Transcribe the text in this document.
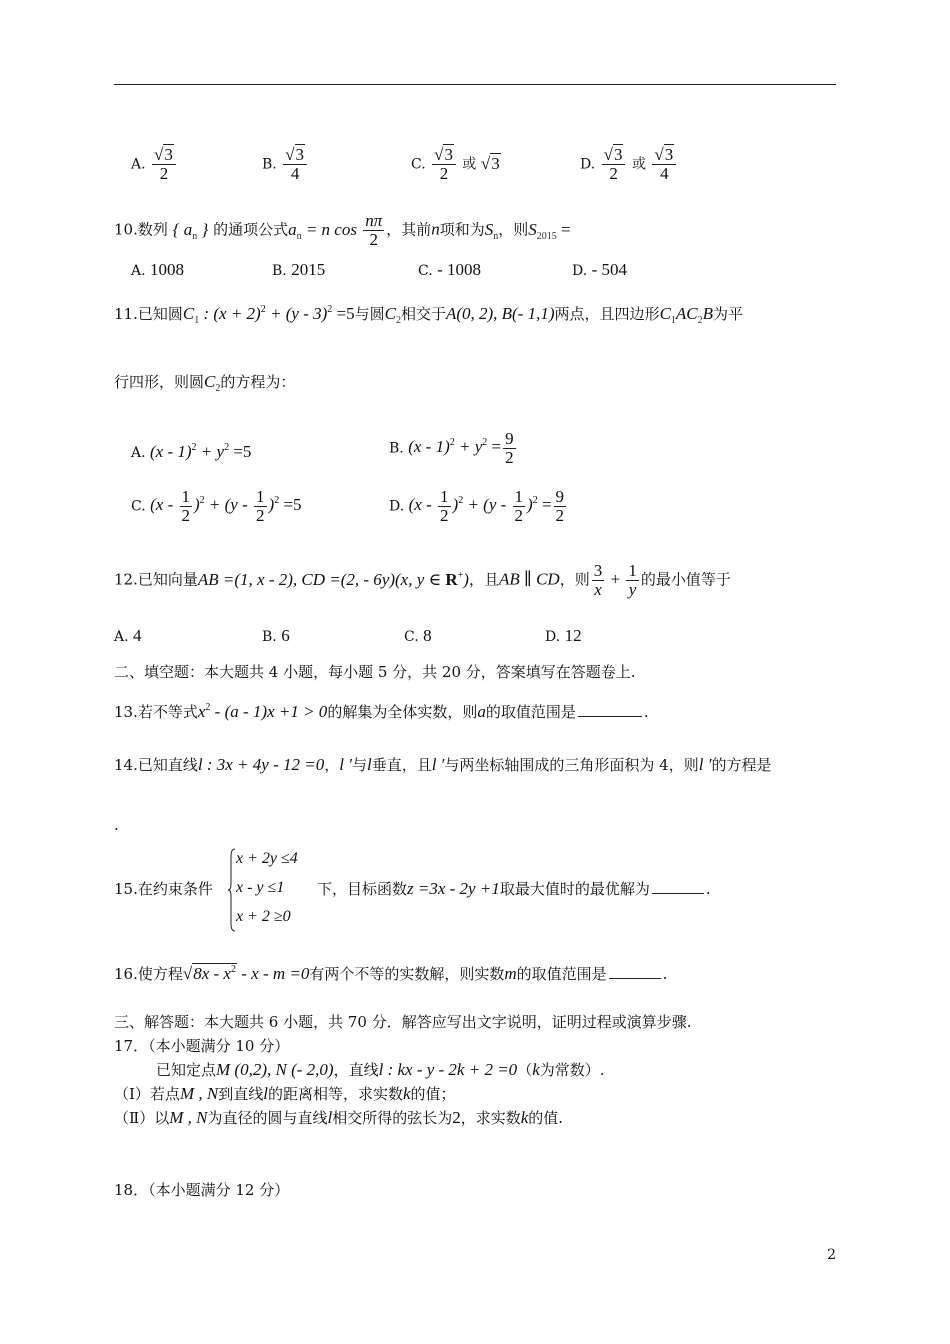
A. $\frac{√3}{2}$	B. $\frac{√3}{4}$	C. $\frac{√3}{2}$ 或 √3	D. $\frac{√3}{2}$ 或 $\frac{√3}{4}$
10.数列 { $a_n$ } 的通项公式$a_n = n$ $\cos \frac{n\pi}{2}$ ，其前n项和为$S_n$，则$S_{2015}$ =
A. 1008	B. 2015	C. - 1008	D. - 504
11.已知圆$C_1$ : $(x + 2)^2 + (y - 3)^2 =5$与圆$C_2$相交于A(0, 2), B(- 1,1)两点，且四边形$C_1AC_2B$为平
行四形，则圆$C_2$的方程为：
A. $(x - 1)^2 + y^2 =5$	B. $(x - 1)^2 + y^2 = \frac{9}{2}$
C. $(x - \frac{1}{2} )^2 + (y - \frac{1}{2} )^2 =5$	D. $(x - \frac{1}{2} )^2 + (y - \frac{1}{2} )^2 = \frac{9}{2}$
12.已知向量AB =(1, x - 2), CD =(2, - 6y)(x, y ∈ R+)，且AB ∥ CD，则 $\frac{3}{x} + \frac{1}{y}$ 的最小值等于
A. 4	B. 6	C. 8	D. 12
二、填空题：本大题共 4 小题，每小题 5 分，共 20 分，答案填写在答题卷上.
13.若不等式$x^2 - (a - 1)x +1 > 0$的解集为全体实数，则a的取值范围是	.
14.已知直线l : 3x + 4y - 12 =0，l ′与l垂直，且l ′与两坐标轴围成的三角形面积为 4，则l ′的方程是
.
15.在约束条件
x + 2y ≤4
x - y ≤1
x + 2 ≥0
下，目标函数z =3x - 2y +1取最大值时的最优解为	.
16.使方程$√8x - x^2 - x - m =0$有两个不等的实数解，则实数m的取值范围是	.
三、解答题：本大题共 6 小题，共 70 分．解答应写出文字说明，证明过程或演算步骤.
17．（本小题满分 10 分）
已知定点M (0,2), N (- 2,0)，直线l : kx - y - 2k + 2 =0（k为常数）.
（Ⅰ）若点M , N到直线l的距离相等，求实数k的值；
（Ⅱ）以M , N为直径的圆与直线l相交所得的弦长为2，求实数k的值.
18．（本小题满分 12 分）
2
